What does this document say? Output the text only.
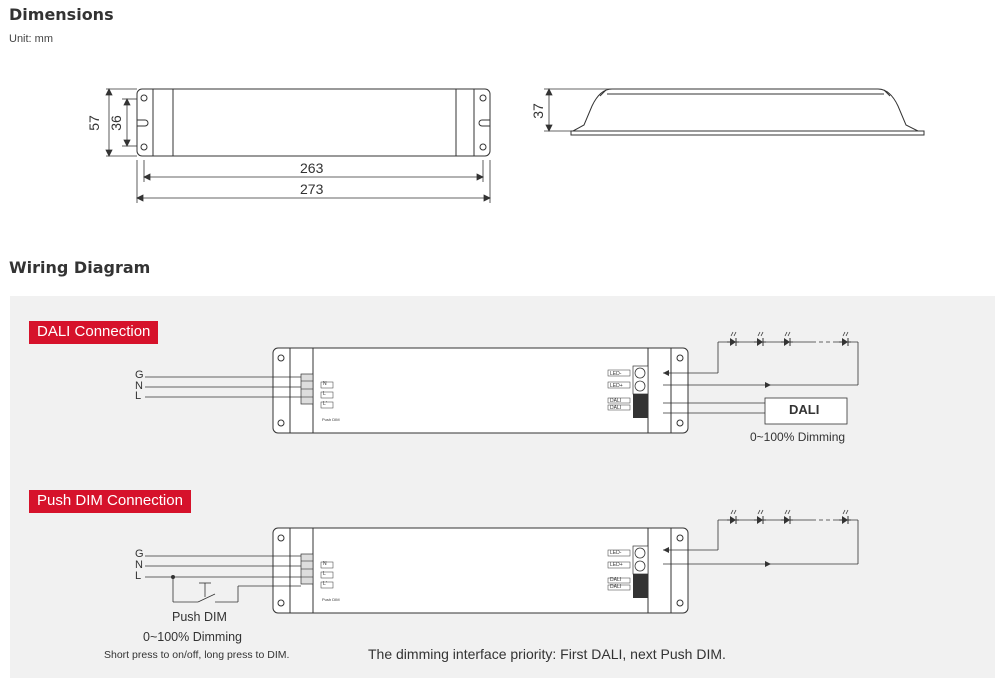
Dimensions
Unit: mm
57 36
263
273
37
Wiring Diagram
DALI Connection
Push DIM Connection
G
N
L
N
L
L'
Push DIM
LED-
LED+
DALI
DALI	DALI
0~100% Dimming
G
N
L
N
L
L'
Push DIM
LED-
LED+
DALI
DALI
Push DIM
0~100% Dimming
Short press to on/off, long press to DIM.	The dimming interface priority: First DALI, next Push DIM.
